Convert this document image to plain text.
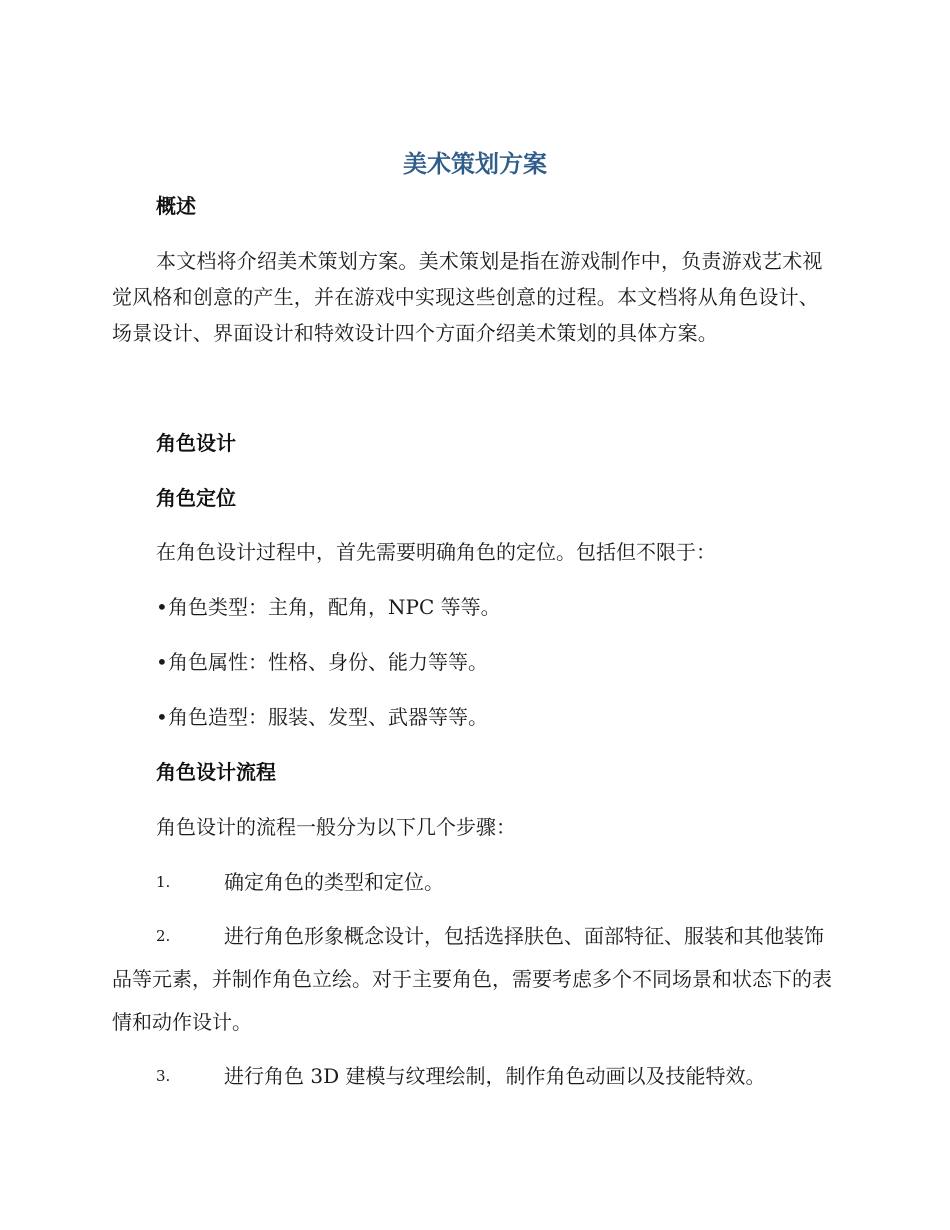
美术策划方案
概述
本文档将介绍美术策划方案。美术策划是指在游戏制作中，负责游戏艺术视觉风格和创意的产生，并在游戏中实现这些创意的过程。本文档将从角色设计、场景设计、界面设计和特效设计四个方面介绍美术策划的具体方案。
角色设计
角色定位
在角色设计过程中，首先需要明确角色的定位。包括但不限于：
•角色类型：主角，配角，NPC 等等。
•角色属性：性格、身份、能力等等。
•角色造型：服装、发型、武器等等。
角色设计流程
角色设计的流程一般分为以下几个步骤：
1.	确定角色的类型和定位。
2.	进行角色形象概念设计，包括选择肤色、面部特征、服装和其他装饰品等元素，并制作角色立绘。对于主要角色，需要考虑多个不同场景和状态下的表情和动作设计。
3.	进行角色 3D 建模与纹理绘制，制作角色动画以及技能特效。
